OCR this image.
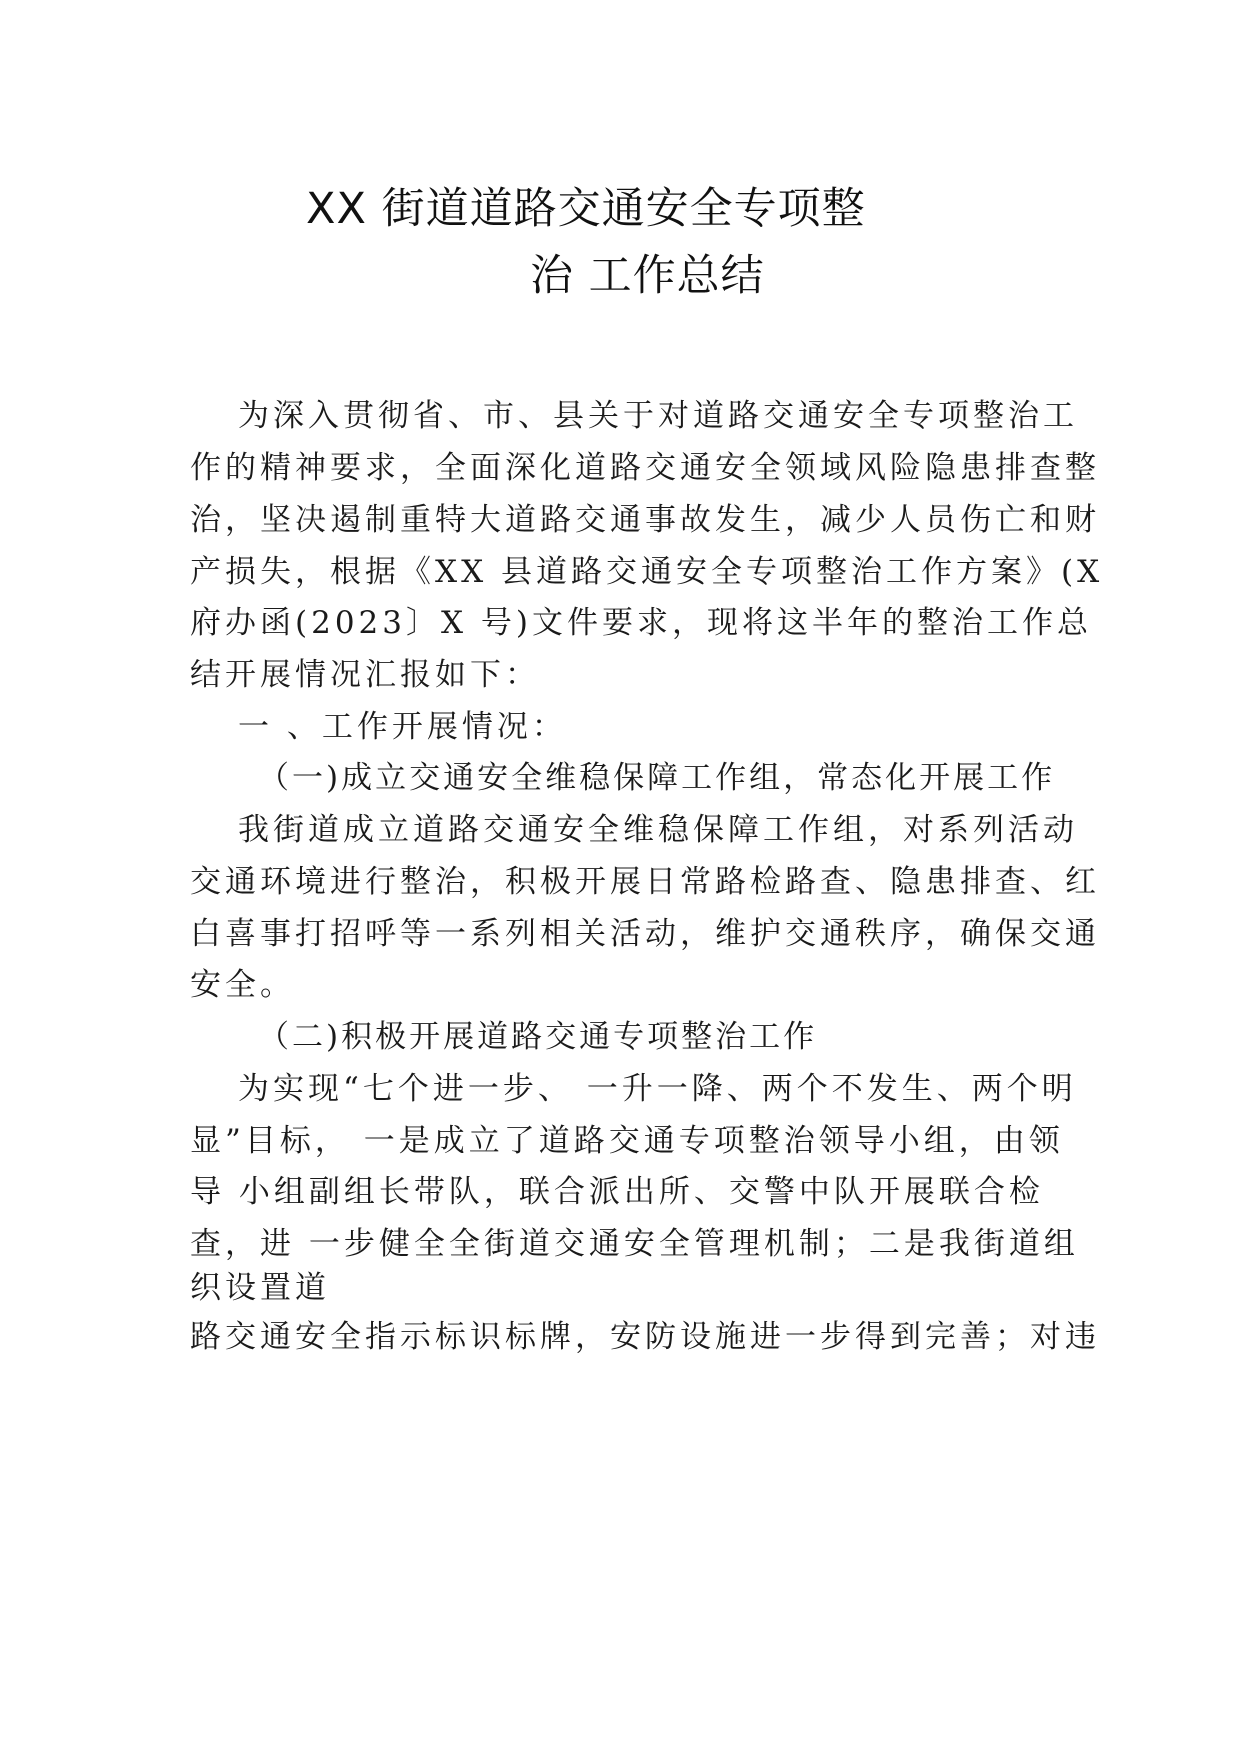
XX 街道道路交通安全专项整
治 工作总结
为深入贯彻省、市、县关于对道路交通安全专项整治工
作的精神要求，全面深化道路交通安全领域风险隐患排查整
治，坚决遏制重特大道路交通事故发生，减少人员伤亡和财
产损失，根据《XX 县道路交通安全专项整治工作方案》(X
府办函(2023〕X 号)文件要求，现将这半年的整治工作总
结开展情况汇报如下：
一 、工作开展情况：
（一)成立交通安全维稳保障工作组，常态化开展工作
我街道成立道路交通安全维稳保障工作组，对系列活动
交通环境进行整治，积极开展日常路检路查、隐患排查、红
白喜事打招呼等一系列相关活动，维护交通秩序，确保交通
安全。
（二)积极开展道路交通专项整治工作
为实现“七个进一步、 一升一降、两个不发生、两个明
显”目标， 一是成立了道路交通专项整治领导小组，由领
导 小组副组长带队，联合派出所、交警中队开展联合检
查，进 一步健全全街道交通安全管理机制；二是我街道组
织设置道
路交通安全指示标识标牌，安防设施进一步得到完善；对违
